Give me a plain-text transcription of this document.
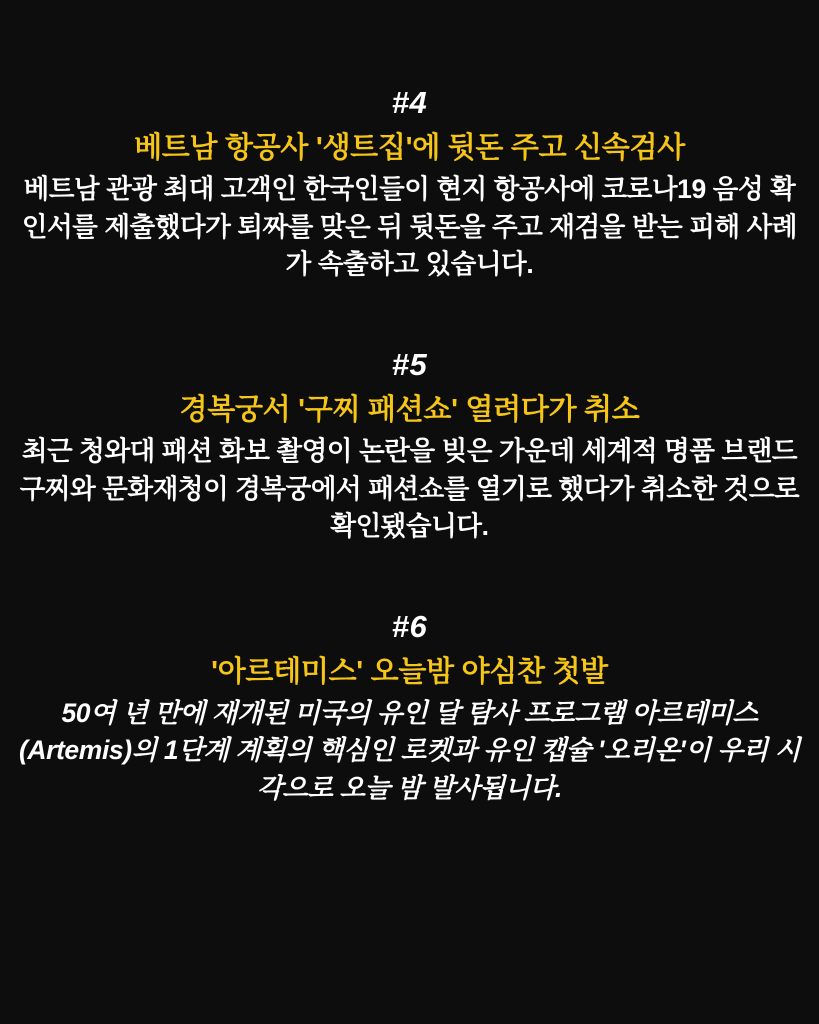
#4
베트남 항공사 '생트집'에 뒷돈 주고 신속검사
베트남 관광 최대 고객인 한국인들이 현지 항공사에 코로나19 음성 확인서를 제출했다가 퇴짜를 맞은 뒤 뒷돈을 주고 재검을 받는 피해 사례가 속출하고 있습니다.
#5
경복궁서 '구찌 패션쇼' 열려다가 취소
최근 청와대 패션 화보 촬영이 논란을 빚은 가운데 세계적 명품 브랜드 구찌와 문화재청이 경복궁에서 패션쇼를 열기로 했다가 취소한 것으로 확인됐습니다.
#6
'아르테미스' 오늘밤 야심찬 첫발
50여 년 만에 재개된 미국의 유인 달 탐사 프로그램 아르테미스(Artemis)의 1단계 계획의 핵심인 로켓과 유인 캡슐 '오리온'이 우리 시각으로 오늘 밤 발사됩니다.
